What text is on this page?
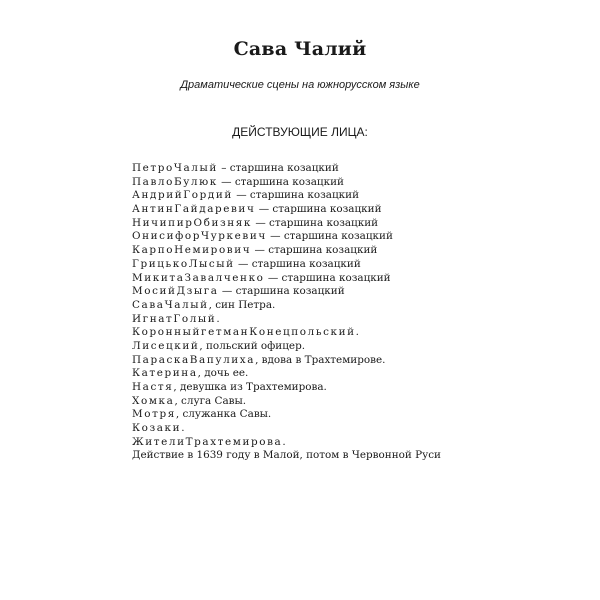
Сава Чалий
Драматические сцены на южнорусском языке
ДЕЙСТВУЮЩИЕ ЛИЦА:
ПетроЧалый – старшина козацкий
ПавлоБулюк — старшина козацкий
АндрийГордий — старшина козацкий
АнтинГайдаревич — старшина козацкий
НичипирОбизняк — старшина козацкий
ОнисифорЧуркевич — старшина козацкий
КарпоНемирович — старшина козацкий
ГрицькоЛысый — старшина козацкий
МикитаЗавалченко — старшина козацкий
МосийДзыга — старшина козацкий
СаваЧалый, син Петра.
ИгнатГолый.
КоронныйгетманКонецпольский.
Лисецкий, польский офицер.
ПараскаВапулиха, вдова в Трахтемирове.
Катерина, дочь ее.
Настя, девушка из Трахтемирова.
Хомка, слуга Савы.
Мотря, служанка Савы.
Козаки.
ЖителиТрахтемирова.
Действие в 1639 году в Малой, потом в Червонной Руси
